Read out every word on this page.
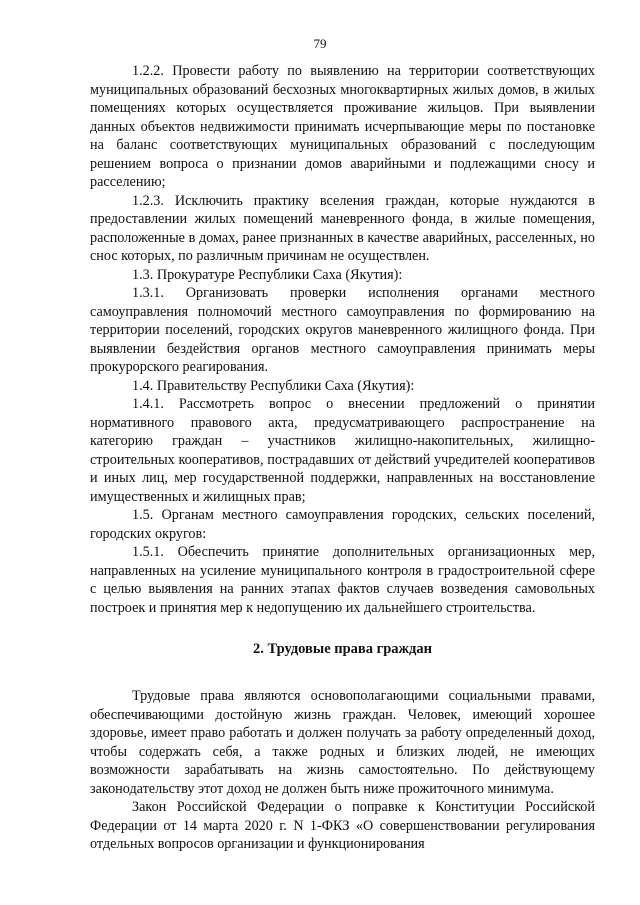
79

1.2.2. Провести работу по выявлению на территории соответствующих муниципальных образований бесхозных многоквартирных жилых домов, в жилых помещениях которых осуществляется проживание жильцов. При выявлении данных объектов недвижимости принимать исчерпывающие меры по постановке на баланс соответствующих муниципальных образований с последующим решением вопроса о признании домов аварийными и подлежащими сносу и расселению;

1.2.3. Исключить практику вселения граждан, которые нуждаются в предоставлении жилых помещений маневренного фонда, в жилые помещения, расположенные в домах, ранее признанных в качестве аварийных, расселенных, но снос которых, по различным причинам не осуществлен.

1.3. Прокуратуре Республики Саха (Якутия):

1.3.1. Организовать проверки исполнения органами местного самоуправления полномочий местного самоуправления по формированию на территории поселений, городских округов маневренного жилищного фонда. При выявлении бездействия органов местного самоуправления принимать меры прокурорского реагирования.

1.4. Правительству Республики Саха (Якутия):

1.4.1. Рассмотреть вопрос о внесении предложений о принятии нормативного правового акта, предусматривающего распространение на категорию граждан – участников жилищно-накопительных, жилищно-строительных кооперативов, пострадавших от действий учредителей кооперативов и иных лиц, мер государственной поддержки, направленных на восстановление имущественных и жилищных прав;

1.5. Органам местного самоуправления городских, сельских поселений, городских округов:

1.5.1. Обеспечить принятие дополнительных организационных мер, направленных на усиление муниципального контроля в градостроительной сфере с целью выявления на ранних этапах фактов случаев возведения самовольных построек и принятия мер к недопущению их дальнейшего строительства.

2. Трудовые права граждан

Трудовые права являются основополагающими социальными правами, обеспечивающими достойную жизнь граждан. Человек, имеющий хорошее здоровье, имеет право работать и должен получать за работу определенный доход, чтобы содержать себя, а также родных и близких людей, не имеющих возможности зарабатывать на жизнь самостоятельно. По действующему законодательству этот доход не должен быть ниже прожиточного минимума.

Закон Российской Федерации о поправке к Конституции Российской Федерации от 14 марта 2020 г. N 1-ФКЗ «О совершенствовании регулирования отдельных вопросов организации и функционирования
